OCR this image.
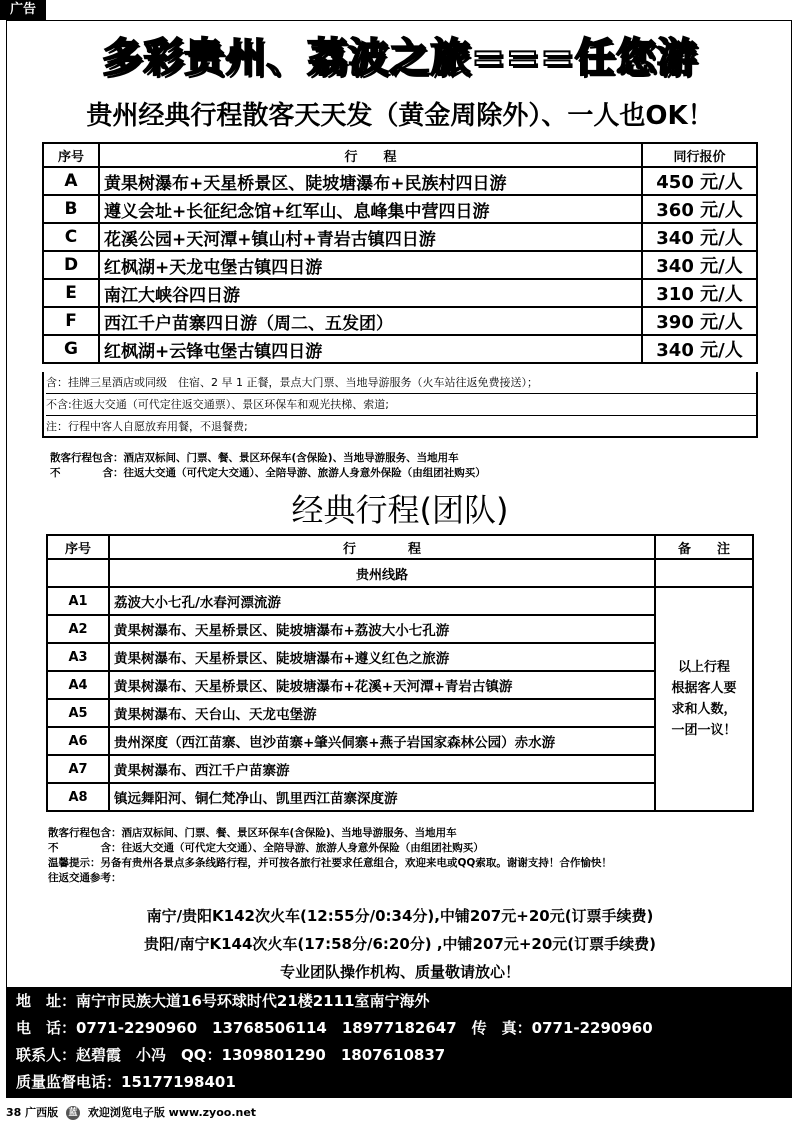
广告
多彩贵州、荔波之旅===任您游
贵州经典行程散客天天发（黄金周除外）、一人也OK！
序号	行　　程	同行报价
A	黄果树瀑布+天星桥景区、陡坡塘瀑布+民族村四日游	450 元/人
B	遵义会址+长征纪念馆+红军山、息峰集中营四日游	360 元/人
C	花溪公园+天河潭+镇山村+青岩古镇四日游	340 元/人
D	红枫湖+天龙屯堡古镇四日游	340 元/人
E	南江大峡谷四日游	310 元/人
F	西江千户苗寨四日游（周二、五发团）	390 元/人
G	红枫湖+云锋屯堡古镇四日游	340 元/人
含：挂牌三星酒店或同级　住宿、2 早 1 正餐，景点大门票、当地导游服务（火车站往返免费接送）；
不含:往返大交通（可代定往返交通票）、景区环保车和观光扶梯、索道;
注：行程中客人自愿放弃用餐，不退餐费;
散客行程包含：酒店双标间、门票、餐、景区环保车(含保险)、当地导游服务、当地用车
不　　　　含：往返大交通（可代定大交通）、全陪导游、旅游人身意外保险（由组团社购买）
经典行程(团队)
序号	行　　　　程	备　　注
	贵州线路	
A1	荔波大小七孔/水春河漂流游	以上行程
根据客人要
求和人数，
一团一议！

A2	黄果树瀑布、天星桥景区、陡坡塘瀑布+荔波大小七孔游	
A3	黄果树瀑布、天星桥景区、陡坡塘瀑布+遵义红色之旅游	
A4	黄果树瀑布、天星桥景区、陡坡塘瀑布+花溪+天河潭+青岩古镇游	
A5	黄果树瀑布、天台山、天龙屯堡游	
A6	贵州深度（西江苗寨、岜沙苗寨+肇兴侗寨+燕子岩国家森林公园）赤水游	
A7	黄果树瀑布、西江千户苗寨游	
A8	镇远舞阳河、铜仁梵净山、凯里西江苗寨深度游	
散客行程包含：酒店双标间、门票、餐、景区环保车(含保险)、当地导游服务、当地用车
不　　　　含：往返大交通（可代定大交通）、全陪导游、旅游人身意外保险（由组团社购买）
温馨提示：另备有贵州各景点多条线路行程，并可按各旅行社要求任意组合，欢迎来电或QQ索取。谢谢支持！合作愉快！
往返交通参考：
南宁/贵阳K142次火车(12:55分/0:34分),中铺207元+20元(订票手续费)
贵阳/南宁K144次火车(17:58分/6:20分) ,中铺207元+20元(订票手续费)
专业团队操作机构、质量敬请放心！
地　址：南宁市民族大道16号环球时代21楼2111室南宁海外
电　话：0771-2290960　13768506114　18977182647　传　真：0771-2290960
联系人：赵碧霞　小冯　QQ：1309801290　1807610837
质量监督电话：15177198401
38 广西版 蓝 欢迎浏览电子版 www.zyoo.net
